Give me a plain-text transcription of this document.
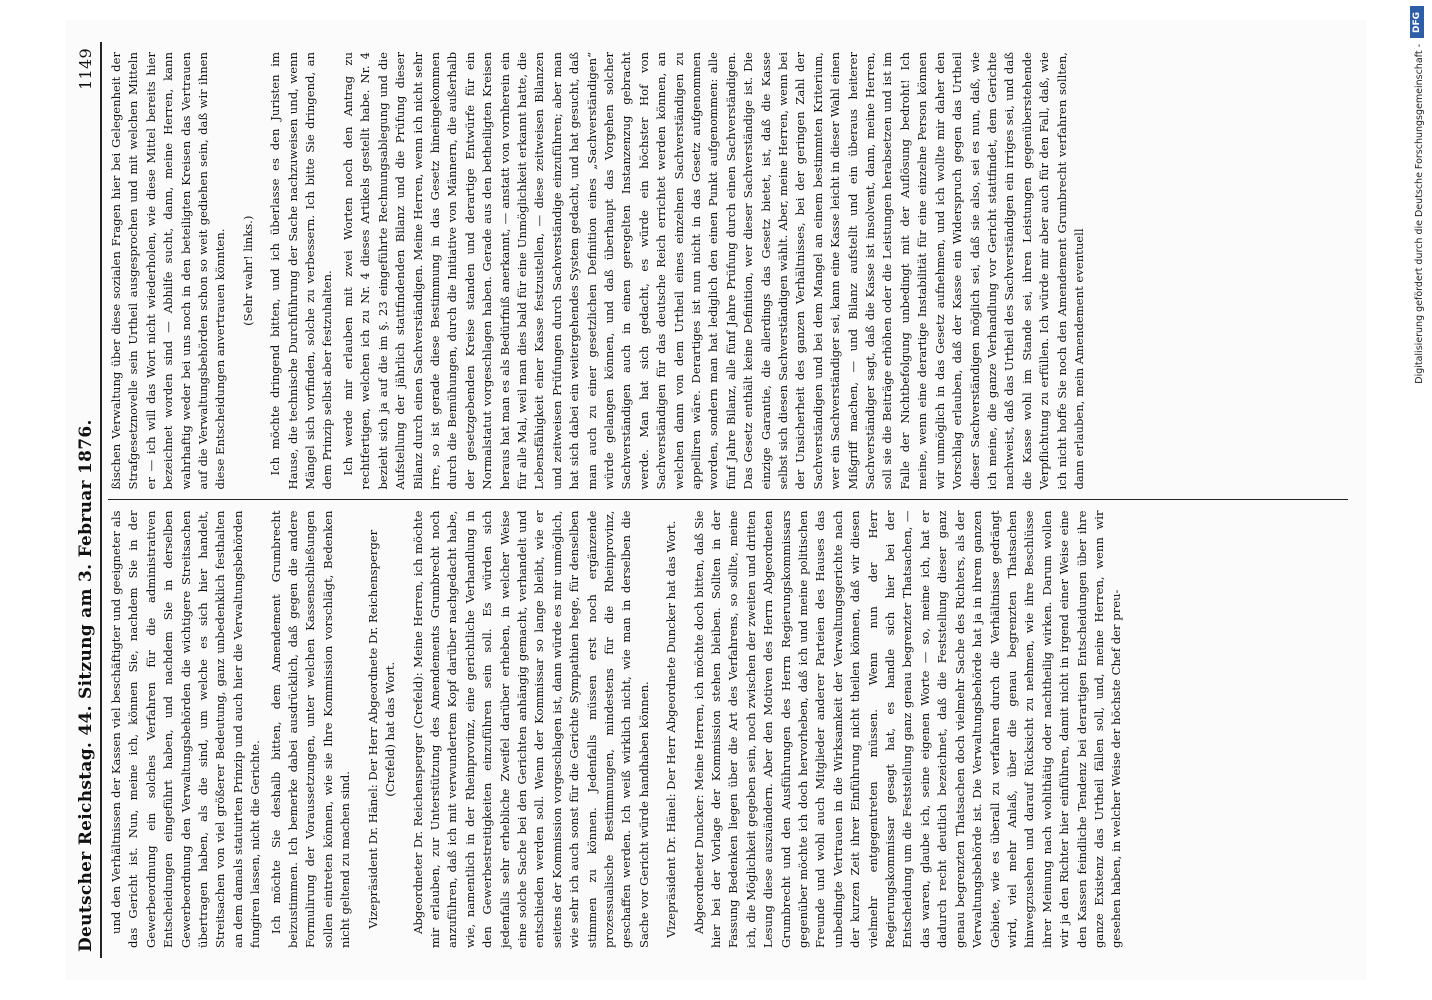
Deutscher Reichstag. 44. Sitzung am 3. Februar 1876.
1149

und den Verhältnissen der Kassen viel beschäftigter und geeigneter als das Gericht ist. Nun, meine ich, können Sie, nachdem Sie in der Gewerbeordnung ein solches Verfahren für die administrativen Entscheidungen eingeführt haben, und nachdem Sie in derselben Gewerbeordnung den Verwaltungsbehörden die wichtigere Streitsachen übertragen haben, als die sind, um welche es sich hier handelt, Streitsachen von viel größerer Bedeutung, ganz unbedenklich festhalten an dem damals statuirten Prinzip und auch hier die Verwaltungsbehörden fungiren lassen, nicht die Gerichte. Ich möchte Sie deshalb bitten, dem Amendement Grumbrecht beizustimmen. Ich bemerke dabei ausdrücklich, daß gegen die andere Formulirung der Voraussetzungen, unter welchen Kassenschließungen sollen eintreten können, wie sie Ihre Kommission vorschlägt, Bedenken nicht geltend zu machen sind. Vizepräsident Dr. Hänel: Der Herr Abgeordnete Dr. Reichensperger (Crefeld) hat das Wort. Abgeordneter Dr. Reichensperger (Crefeld): Meine Herren, ich möchte mir erlauben, zur Unterstützung des Amendements Grumbrecht noch anzuführen, daß ich mit verwundertem Kopf darüber nachgedacht habe, wie, namentlich in der Rheinprovinz, eine gerichtliche Verhandlung in den Gewerbestreitigkeiten einzuführen sein soll. Es würden sich jedenfalls sehr erhebliche Zweifel darüber erheben, in welcher Weise eine solche Sache bei den Gerichten anhängig gemacht, verhandelt und entschieden werden soll. Wenn der Kommissar so lange bleibt, wie er seitens der Kommission vorgeschlagen ist, dann würde es mir unmöglich, wie sehr ich auch sonst für die Gerichte Sympathien hege, für denselben stimmen zu können. Jedenfalls müssen erst noch ergänzende prozessualische Bestimmungen, mindestens für die Rheinprovinz, geschaffen werden. Ich weiß wirklich nicht, wie man in derselben die Sache vor Gericht würde handhaben können. Vizepräsident Dr. Hänel: Der Herr Abgeordnete Duncker hat das Wort. Abgeordneter Duncker: Meine Herren, ich möchte doch bitten, daß Sie hier bei der Vorlage der Kommission stehen bleiben. Sollten in der Fassung Bedenken liegen über die Art des Verfahrens, so sollte, meine ich, die Möglichkeit gegeben sein, noch zwischen der zweiten und dritten Lesung diese auszuändern. Aber den Motiven des Herrn Abgeordneten Grumbrecht und den Ausführungen des Herrn Regierungskommissars gegenüber möchte ich doch hervorheben, daß ich und meine politischen Freunde und wohl auch Mitglieder anderer Parteien des Hauses das unbedingte Vertrauen in die Wirksamkeit der Verwaltungsgerichte nach der kurzen Zeit ihrer Einführung nicht theilen können, daß wir diesen vielmehr entgegentreten müssen. Wenn nun der Herr Regierungskommissar gesagt hat, es handle sich hier bei der Entscheidung um die Feststellung ganz genau begrenzter Thatsachen, — das waren, glaube ich, seine eigenen Worte — so, meine ich, hat er dadurch recht deutlich bezeichnet, daß die Feststellung dieser ganz genau begrenzten Thatsachen doch vielmehr Sache des Richters, als der Verwaltungsbehörde ist. Die Verwaltungsbehörde hat ja in ihrem ganzen Gebiete, wie es überall zu verfahren durch die Verhältnisse gedrängt wird, viel mehr Anlaß, über die genau begrenzten Thatsachen hinwegzusehen und darauf Rücksicht zu nehmen, wie ihre Beschlüsse ihrer Meinung nach wohlthätig oder nachtheilig wirken. Darum wollen wir ja den Richter hier einführen, damit nicht in irgend einer Weise eine den Kassen feindliche Tendenz bei derartigen Entscheidungen über ihre ganze Existenz das Urtheil fällen soll, und, meine Herren, wenn wir gesehen haben, in welcher Weise der höchste Chef der preu-

ßischen Verwaltung über diese sozialen Fragen hier bei Gelegenheit der Strafgesetznovelle sein Urtheil ausgesprochen und mit welchen Mitteln er — ich will das Wort nicht wiederholen, wie diese Mittel bereits hier bezeichnet worden sind — Abhilfe sucht, dann, meine Herren, kann wahrhaftig weder bei uns noch in den beteiligten Kreisen das Vertrauen auf die Verwaltungsbehörden schon so weit gediehen sein, daß wir ihnen diese Entscheidungen anvertrauen könnten. (Sehr wahr! links.) Ich möchte dringend bitten, und ich überlasse es den Juristen im Hause, die technische Durchführung der Sache nachzuweisen und, wenn Mängel sich vorfinden, solche zu verbessern. Ich bitte Sie dringend, an dem Prinzip selbst aber festzuhalten. Ich werde mir erlauben mit zwei Worten noch den Antrag zu rechtfertigen, welchen ich zu Nr. 4 dieses Artikels gestellt habe. Nr. 4 bezieht sich ja auf die im §. 23 eingeführte Rechnungsablegung und die Aufstellung der jährlich stattfindenden Bilanz und die Prüfung dieser Bilanz durch einen Sachverständigen. Meine Herren, wenn ich nicht sehr irre, so ist gerade diese Bestimmung in das Gesetz hineingekommen durch die Bemühungen, durch die Initiative von Männern, die außerhalb der gesetzgebenden Kreise standen und derartige Entwürfe für ein Normalstatut vorgeschlagen haben. Gerade aus den betheiligten Kreisen heraus hat man es als Bedürfniß anerkannt, — anstatt von vornherein ein für alle Mal, weil man dies bald für eine Unmöglichkeit erkannt hatte, die Lebensfähigkeit einer Kasse festzustellen, — diese zeitweisen Bilanzen und zeitweisen Prüfungen durch Sachverständige einzuführen; aber man hat sich dabei ein weitergehendes System gedacht, und hat gesucht, daß man auch zu einer gesetzlichen Definition eines „Sachverständigen“ würde gelangen können, und daß überhaupt das Vorgehen solcher Sachverständigen auch in einen geregelten Instanzenzug gebracht werde. Man hat sich gedacht, es würde ein höchster Hof von Sachverständigen für das deutsche Reich errichtet werden können, an welchen dann von dem Urtheil eines einzelnen Sachverständigen zu appelliren wäre. Derartiges ist nun nicht in das Gesetz aufgenommen worden, sondern man hat lediglich den einen Punkt aufgenommen: alle fünf Jahre Bilanz, alle fünf Jahre Prüfung durch einen Sachverständigen. Das Gesetz enthält keine Definition, wer dieser Sachverständige ist. Die einzige Garantie, die allerdings das Gesetz bietet, ist, daß die Kasse selbst sich diesen Sachverständigen wählt. Aber, meine Herren, wenn bei der Unsicherheit des ganzen Verhältnisses, bei der geringen Zahl der Sachverständigen und bei dem Mangel an einem bestimmten Kriterium, wer ein Sachverständiger sei, kann eine Kasse leicht in dieser Wahl einen Mißgriff machen, — und Bilanz aufstellt und ein überaus heiterer Sachverständiger sagt, daß die Kasse ist insolvent, dann, meine Herren, soll sie die Beiträge erhöhen oder die Leistungen herabsetzen und ist im Falle der Nichtbefolgung unbedingt mit der Auflösung bedroht! Ich meine, wenn eine derartige Instabilität für eine einzelne Person können wir unmöglich in das Gesetz aufnehmen, und ich wollte mir daher den Vorschlag erlauben, daß der Kasse ein Widerspruch gegen das Urtheil dieser Sachverständigen möglich sei, daß sie also, sei es nun, daß, wie ich meine, die ganze Verhandlung vor Gericht stattfindet, dem Gerichte nachweist, daß das Urtheil des Sachverständigen ein irriges sei, und daß die Kasse wohl im Stande sei, ihren Leistungen gegenüberstehende Verpflichtung zu erfüllen. Ich würde mir aber auch für den Fall, daß, wie ich nicht hoffe Sie noch den Amendement Grumbrecht verfahren sollten, dann erlauben, mein Amendement eventuell

DFG
Digitalisierung gefördert durch die Deutsche Forschungsgemeinschaft -
